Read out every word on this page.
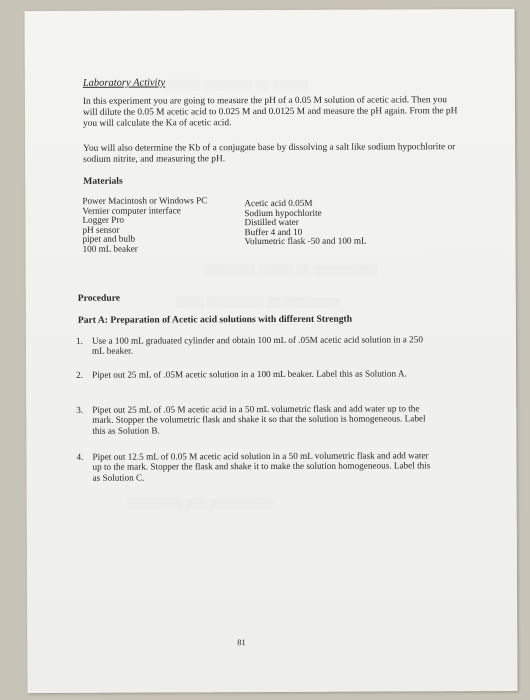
▒▒▒▒▒ ▒▒▒▒▒▒▒ ▒▒ ▒▒▒▒▒
▒▒▒▒▒▒▒ ▒▒▒▒▒ ▒▒ ▒▒▒▒▒▒▒▒▒
▒▒▒▒ ▒▒▒▒▒▒▒▒ ▒▒ ▒▒▒▒▒▒▒▒
▒▒▒▒▒▒▒▒ ▒▒▒ ▒▒▒▒▒▒▒▒▒
Laboratory Activity
In this experiment you are going to measure the pH of a 0.05 M solution of acetic acid. Then you will dilute the 0.05 M acetic acid to 0.025 M and 0.0125 M and measure the pH again. From the pH you will calculate the Ka of acetic acid.
You will also determine the Kb of a conjugate base by dissolving a salt like sodium hypochlorite or sodium nitrite, and measuring the pH.
Materials
Power Macintosh or Windows PC
Vernier computer interface
Logger Pro
pH sensor
pipet and bulb
100 mL beaker
Acetic acid 0.05M
Sodium hypochlorite
Distilled water
Buffer 4 and 10
Volumetric flask -50 and 100 mL
Procedure
Part A: Preparation of Acetic acid solutions with different Strength
1. Use a 100 mL graduated cylinder and obtain 100 mL of .05M acetic acid solution in a 250 mL beaker.
2. Pipet out 25 mL of .05M acetic solution in a 100 mL beaker. Label this as Solution A.
3. Pipet out 25 mL of .05 M acetic acid in a 50 mL volumetric flask and add water up to the mark. Stopper the volumetric flask and shake it so that the solution is homogeneous. Label this as Solution B.
4. Pipet out 12.5 mL of 0.05 M acetic acid solution in a 50 mL volumetric flask and add water up to the mark. Stopper the flask and shake it to make the solution homogeneous. Label this as Solution C.
81
